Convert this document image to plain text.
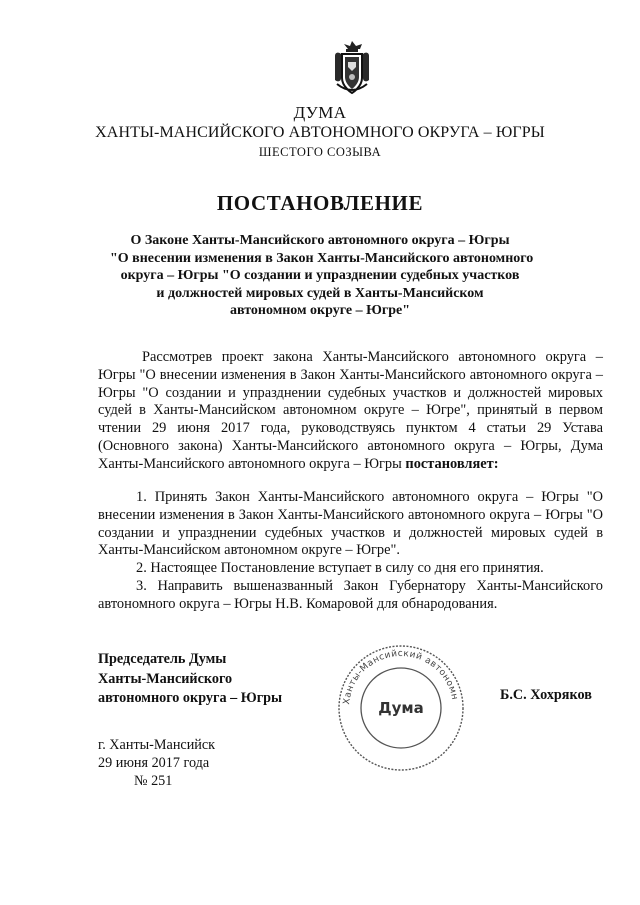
ДУМА
ХАНТЫ-МАНСИЙСКОГО АВТОНОМНОГО ОКРУГА – ЮГРЫ
ШЕСТОГО СОЗЫВА
ПОСТАНОВЛЕНИЕ
О Законе Ханты-Мансийского автономного округа – Югры
"О внесении изменения в Закон Ханты-Мансийского автономного
округа – Югры "О создании и упразднении судебных участков
и должностей мировых судей в Ханты-Мансийском
автономном округе – Югре"
Рассмотрев проект закона Ханты-Мансийского автономного округа – Югры "О внесении изменения в Закон Ханты-Мансийского автономного округа – Югры "О создании и упразднении судебных участков и должностей мировых судей в Ханты-Мансийском автономном округе – Югре", принятый в первом чтении 29 июня 2017 года, руководствуясь пунктом 4 статьи 29 Устава (Основного закона) Ханты-Мансийского автономного округа – Югры, Дума Ханты-Мансийского автономного округа – Югры постановляет:

1. Принять Закон Ханты-Мансийского автономного округа – Югры "О внесении изменения в Закон Ханты-Мансийского автономного округа – Югры "О создании и упразднении судебных участков и должностей мировых судей в Ханты-Мансийском автономном округе – Югре".

2. Настоящее Постановление вступает в силу со дня его принятия.

3. Направить вышеназванный Закон Губернатору Ханты-Мансийского автономного округа – Югры Н.В. Комаровой для обнародования.

Председатель Думы
Ханты-Мансийского
автономного округа – Югры	Ханты-Мансийский автономн
Дума
Б.С. Хохряков
г. Ханты-Мансийск
29 июня 2017 года
№ 251
